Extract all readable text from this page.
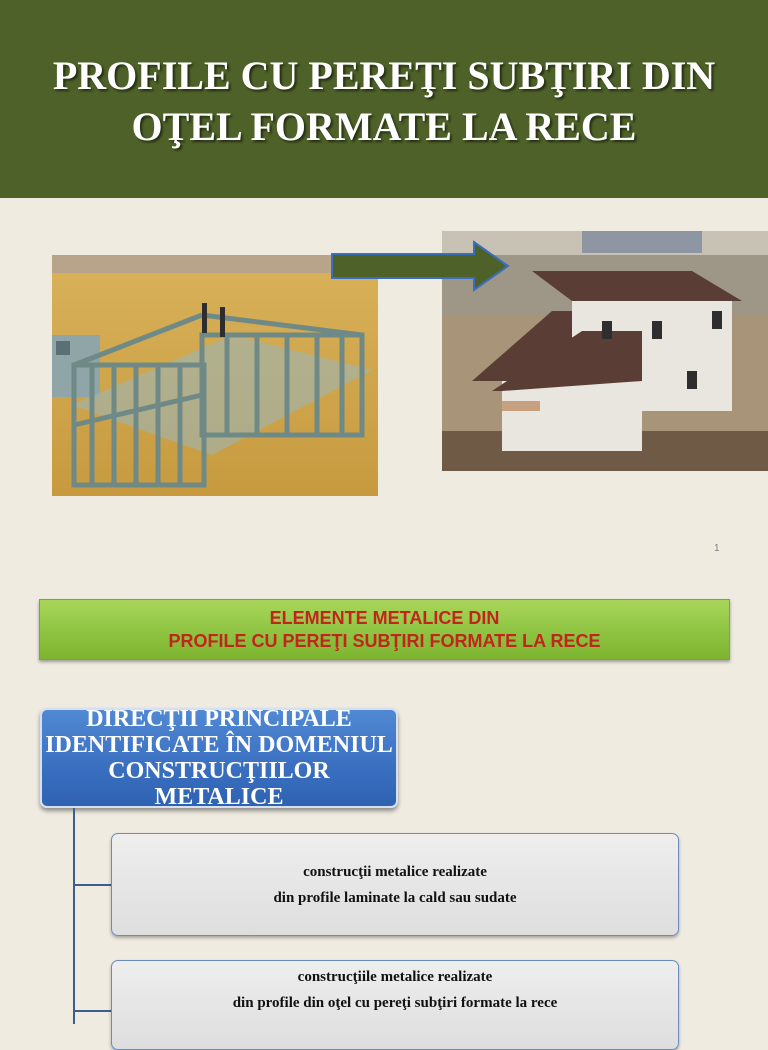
PROFILE CU PEREŢI SUBŢIRI DIN
OŢEL FORMATE LA RECE
1
ELEMENTE METALICE DIN
PROFILE CU PEREŢI SUBŢIRI FORMATE LA RECE
DIRECŢII PRINCIPALE
IDENTIFICATE ÎN DOMENIUL
CONSTRUCŢIILOR METALICE
construcţii metalice realizate
din profile laminate la cald sau sudate
construcţiile metalice realizate
din profile din oţel cu pereţi subţiri formate la rece
